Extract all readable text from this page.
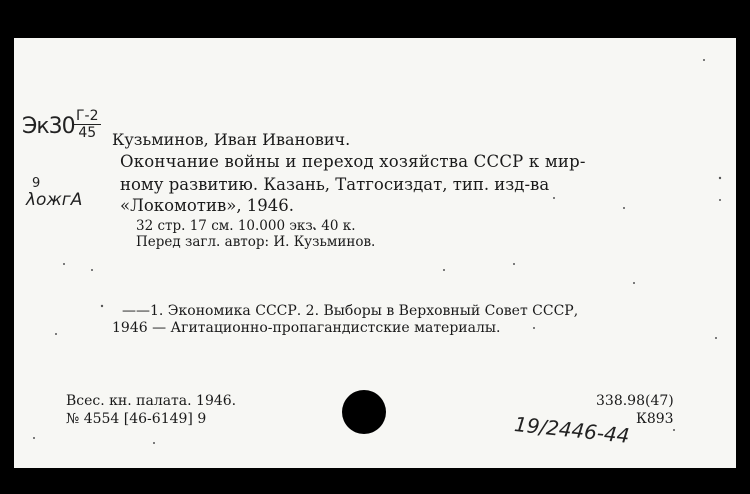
Эк30 Г-2
45
9
λожгА
Кузьминов, Иван Иванович.
Окончание войны и переход хозяйства СССР к мир-
ному развитию. Казань, Татгосиздат, тип. изд-ва
«Локомотив», 1946.
32 стр. 17 см. 10.000 экз. 40 к.
Перед загл. автор: И. Кузьминов.
——1. Экономика СССР. 2. Выборы в Верховный Совет СССР,
1946 — Агитационно-пропагандистские материалы.
Всес. кн. палата. 1946.
№ 4554 [46-6149] 9
338.98(47)
К893
19/2446-44
